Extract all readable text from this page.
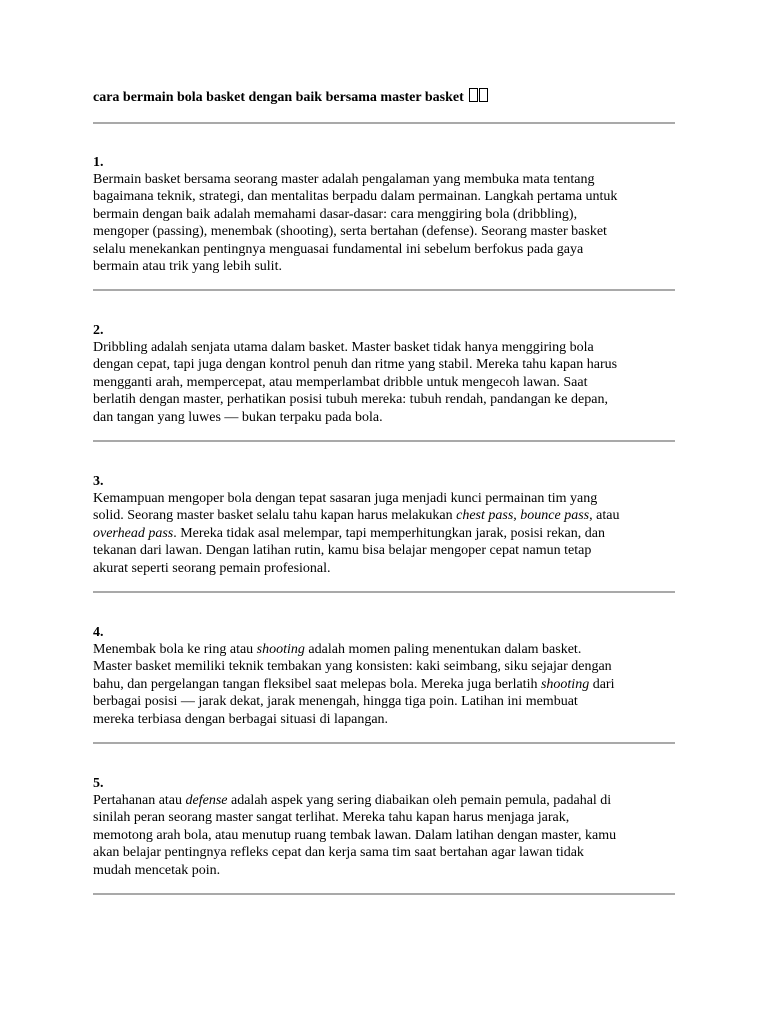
cara bermain bola basket dengan baik bersama master basket
1.

Bermain basket bersama seorang master adalah pengalaman yang membuka mata tentang
bagaimana teknik, strategi, dan mentalitas berpadu dalam permainan. Langkah pertama untuk
bermain dengan baik adalah memahami dasar-dasar: cara menggiring bola (dribbling),
mengoper (passing), menembak (shooting), serta bertahan (defense). Seorang master basket
selalu menekankan pentingnya menguasai fundamental ini sebelum berfokus pada gaya
bermain atau trik yang lebih sulit.

2.

Dribbling adalah senjata utama dalam basket. Master basket tidak hanya menggiring bola
dengan cepat, tapi juga dengan kontrol penuh dan ritme yang stabil. Mereka tahu kapan harus
mengganti arah, mempercepat, atau memperlambat dribble untuk mengecoh lawan. Saat
berlatih dengan master, perhatikan posisi tubuh mereka: tubuh rendah, pandangan ke depan,
dan tangan yang luwes — bukan terpaku pada bola.

3.

Kemampuan mengoper bola dengan tepat sasaran juga menjadi kunci permainan tim yang
solid. Seorang master basket selalu tahu kapan harus melakukan chest pass, bounce pass, atau
overhead pass. Mereka tidak asal melempar, tapi memperhitungkan jarak, posisi rekan, dan
tekanan dari lawan. Dengan latihan rutin, kamu bisa belajar mengoper cepat namun tetap
akurat seperti seorang pemain profesional.

4.

Menembak bola ke ring atau shooting adalah momen paling menentukan dalam basket.
Master basket memiliki teknik tembakan yang konsisten: kaki seimbang, siku sejajar dengan
bahu, dan pergelangan tangan fleksibel saat melepas bola. Mereka juga berlatih shooting dari
berbagai posisi — jarak dekat, jarak menengah, hingga tiga poin. Latihan ini membuat
mereka terbiasa dengan berbagai situasi di lapangan.

5.

Pertahanan atau defense adalah aspek yang sering diabaikan oleh pemain pemula, padahal di
sinilah peran seorang master sangat terlihat. Mereka tahu kapan harus menjaga jarak,
memotong arah bola, atau menutup ruang tembak lawan. Dalam latihan dengan master, kamu
akan belajar pentingnya refleks cepat dan kerja sama tim saat bertahan agar lawan tidak
mudah mencetak poin.
